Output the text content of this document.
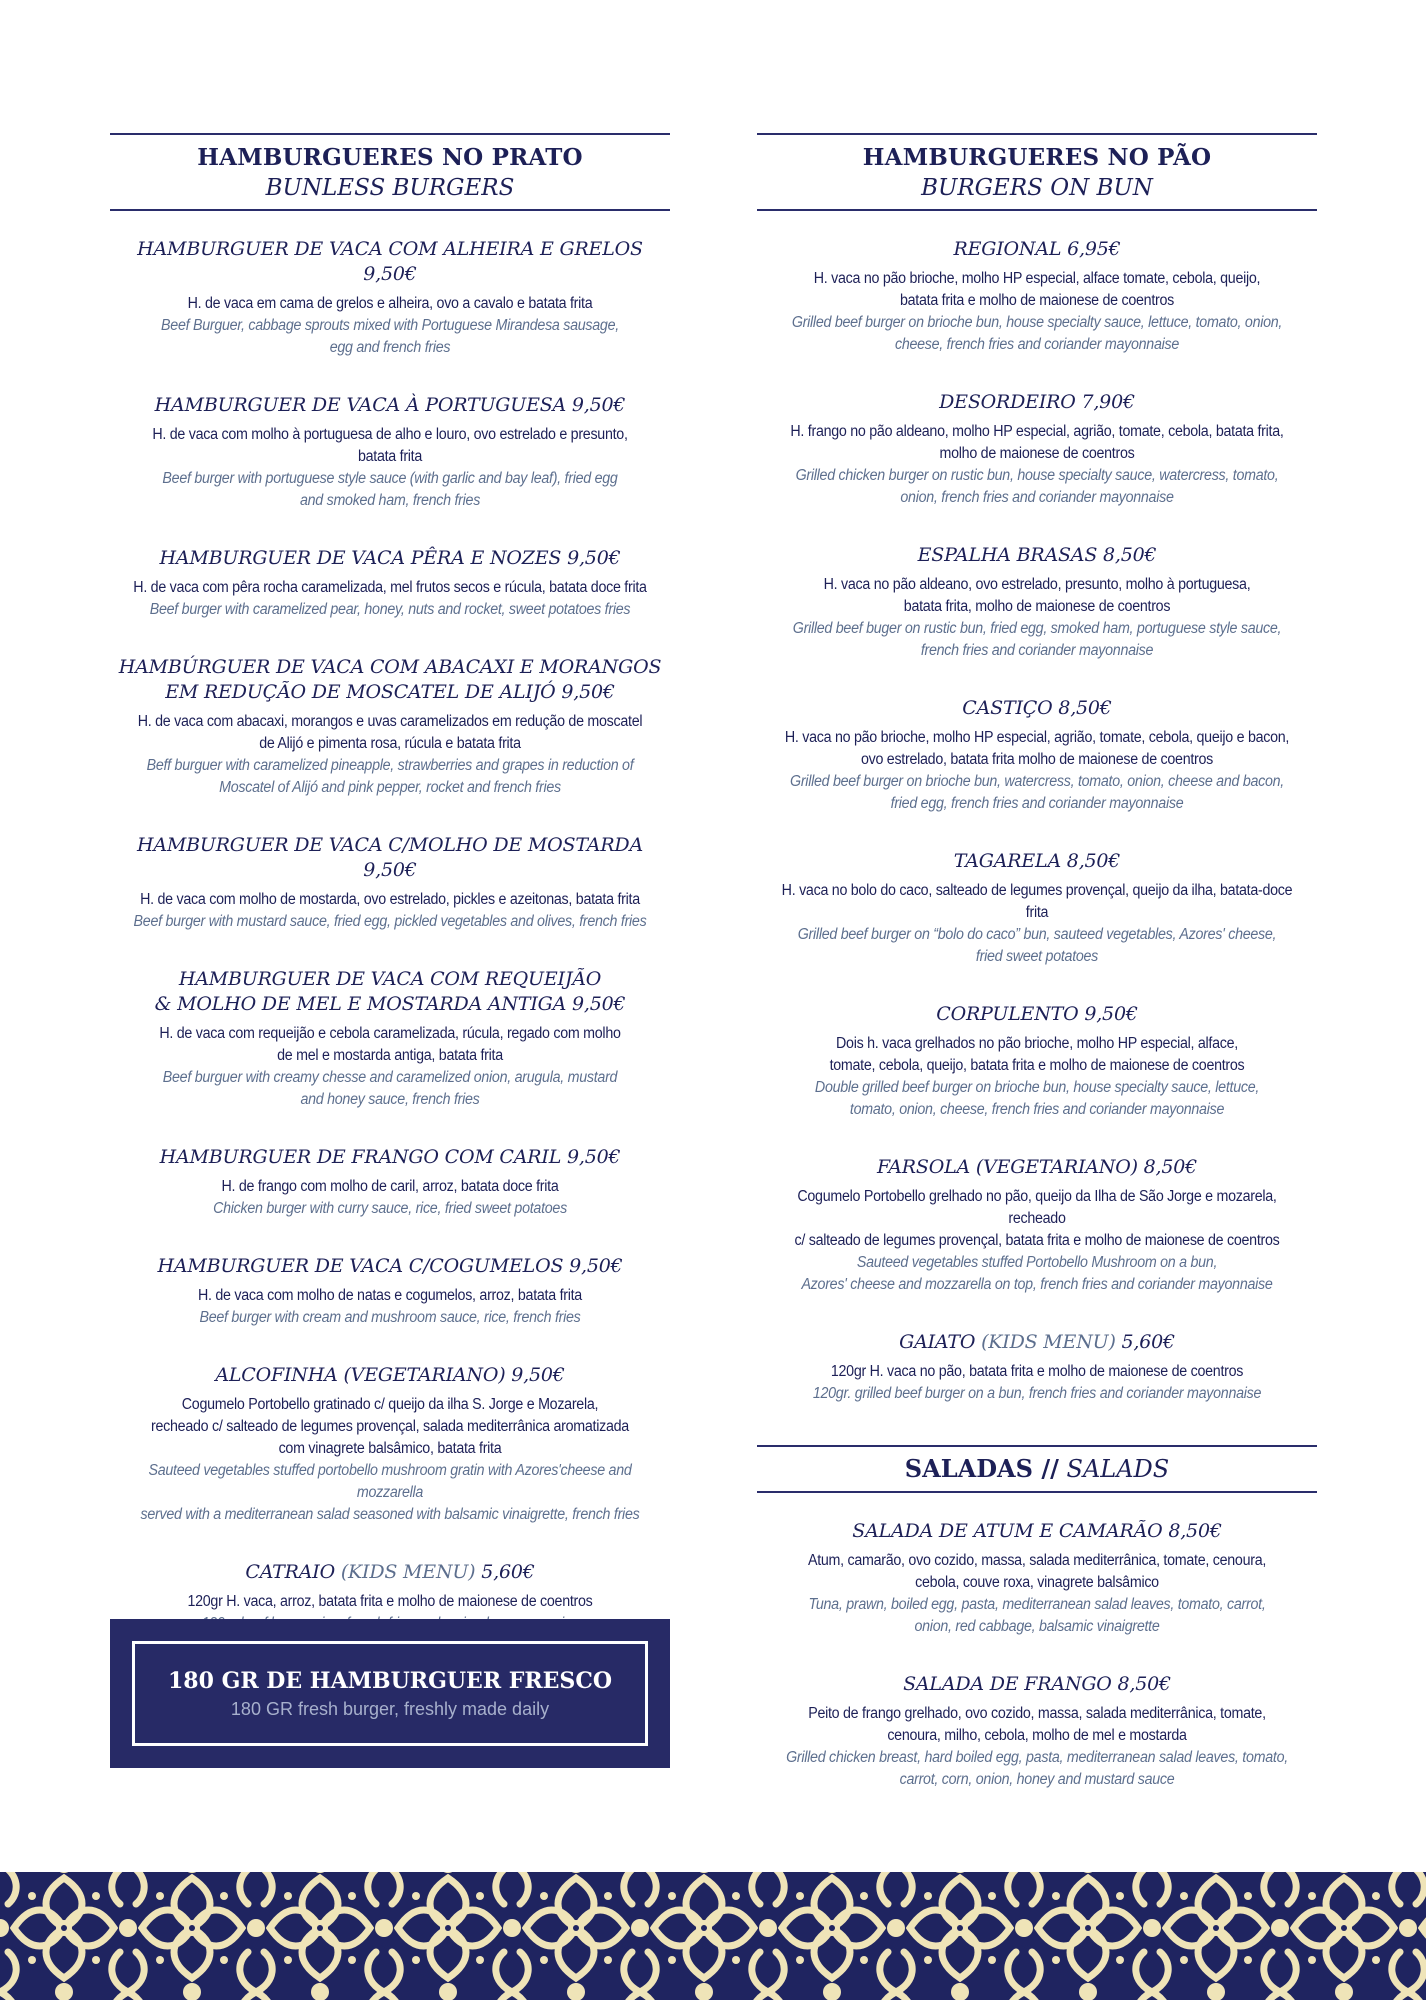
HAMBURGUERES NO PRATO
BUNLESS BURGERS
HAMBURGUER DE VACA COM ALHEIRA E GRELOS 9,50€
H. de vaca em cama de grelos e alheira, ovo a cavalo e batata frita
Beef Burguer, cabbage sprouts mixed with Portuguese Mirandesa sausage,
egg and french fries
HAMBURGUER DE VACA À PORTUGUESA 9,50€
H. de vaca com molho à portuguesa de alho e louro, ovo estrelado e presunto, batata frita
Beef burger with portuguese style sauce (with garlic and bay leaf), fried egg
and smoked ham, french fries
HAMBURGUER DE VACA PÊRA E NOZES 9,50€
H. de vaca com pêra rocha caramelizada, mel frutos secos e rúcula, batata doce frita
Beef burger with caramelized pear, honey, nuts and rocket, sweet potatoes fries
HAMBÚRGUER DE VACA COM ABACAXI E MORANGOS
EM REDUÇÃO DE MOSCATEL DE ALIJÓ 9,50€
H. de vaca com abacaxi, morangos e uvas caramelizados em redução de moscatel
de Alijó e pimenta rosa, rúcula e batata frita
Beff burguer with caramelized pineapple, strawberries and grapes in reduction of
Moscatel of Alijó and pink pepper, rocket and french fries
HAMBURGUER DE VACA C/MOLHO DE MOSTARDA 9,50€
H. de vaca com molho de mostarda, ovo estrelado, pickles e azeitonas, batata frita
Beef burger with mustard sauce, fried egg, pickled vegetables and olives, french fries
HAMBURGUER DE VACA COM REQUEIJÃO
& MOLHO DE MEL E MOSTARDA ANTIGA 9,50€
H. de vaca com requeijão e cebola caramelizada, rúcula, regado com molho
de mel e mostarda antiga, batata frita
Beef burguer with creamy chesse and caramelized onion, arugula, mustard
and honey sauce, french fries
HAMBURGUER DE FRANGO COM CARIL 9,50€
H. de frango com molho de caril, arroz, batata doce frita
Chicken burger with curry sauce, rice, fried sweet potatoes
HAMBURGUER DE VACA C/COGUMELOS 9,50€
H. de vaca com molho de natas e cogumelos, arroz, batata frita
Beef burger with cream and mushroom sauce, rice, french fries
ALCOFINHA (VEGETARIANO) 9,50€
Cogumelo Portobello gratinado c/ queijo da ilha S. Jorge e Mozarela,
recheado c/ salteado de legumes provençal, salada mediterrânica aromatizada
com vinagrete balsâmico, batata frita
Sauteed vegetables stuffed portobello mushroom gratin with Azores'cheese and mozzarella
served with a mediterranean salad seasoned with balsamic vinaigrette, french fries
CATRAIO (KIDS MENU) 5,60€
120gr H. vaca, arroz, batata frita e molho de maionese de coentros
180 GR DE HAMBURGUER FRESCO
180 GR fresh burger, freshly made daily
HAMBURGUERES NO PÃO
BURGERS ON BUN
REGIONAL 6,95€
H. vaca no pão brioche, molho HP especial, alface tomate, cebola, queijo,
batata frita e molho de maionese de coentros
Grilled beef burger on brioche bun, house specialty sauce, lettuce, tomato, onion,
cheese, french fries and coriander mayonnaise
DESORDEIRO 7,90€
H. frango no pão aldeano, molho HP especial, agrião, tomate, cebola, batata frita,
molho de maionese de coentros
Grilled chicken burger on rustic bun, house specialty sauce, watercress, tomato,
onion, french fries and coriander mayonnaise
ESPALHA BRASAS 8,50€
H. vaca no pão aldeano, ovo estrelado, presunto, molho à portuguesa,
batata frita, molho de maionese de coentros
Grilled beef buger on rustic bun, fried egg, smoked ham, portuguese style sauce,
french fries and coriander mayonnaise
CASTIÇO 8,50€
H. vaca no pão brioche, molho HP especial, agrião, tomate, cebola, queijo e bacon,
ovo estrelado, batata frita molho de maionese de coentros
Grilled beef burger on brioche bun, watercress, tomato, onion, cheese and bacon,
fried egg, french fries and coriander mayonnaise
TAGARELA 8,50€
H. vaca no bolo do caco, salteado de legumes provençal, queijo da ilha, batata-doce frita
Grilled beef burger on “bolo do caco” bun, sauteed vegetables, Azores' cheese,
fried sweet potatoes
CORPULENTO 9,50€
Dois h. vaca grelhados no pão brioche, molho HP especial, alface,
tomate, cebola, queijo, batata frita e molho de maionese de coentros
Double grilled beef burger on brioche bun, house specialty sauce, lettuce,
tomato, onion, cheese, french fries and coriander mayonnaise
FARSOLA (VEGETARIANO) 8,50€
Cogumelo Portobello grelhado no pão, queijo da Ilha de São Jorge e mozarela, recheado
c/ salteado de legumes provençal, batata frita e molho de maionese de coentros
Sauteed vegetables stuffed Portobello Mushroom on a bun,
Azores' cheese and mozzarella on top, french fries and coriander mayonnaise
GAIATO (KIDS MENU) 5,60€
120gr H. vaca no pão, batata frita e molho de maionese de coentros
120gr. grilled beef burger on a bun, french fries and coriander mayonnaise
SALADAS // SALADS
SALADA DE ATUM E CAMARÃO 8,50€
Atum, camarão, ovo cozido, massa, salada mediterrânica, tomate, cenoura,
cebola, couve roxa, vinagrete balsâmico
Tuna, prawn, boiled egg, pasta, mediterranean salad leaves, tomato, carrot,
onion, red cabbage, balsamic vinaigrette
SALADA DE FRANGO 8,50€
Peito de frango grelhado, ovo cozido, massa, salada mediterrânica, tomate,
cenoura, milho, cebola, molho de mel e mostarda
Grilled chicken breast, hard boiled egg, pasta, mediterranean salad leaves, tomato,
carrot, corn, onion, honey and mustard sauce
